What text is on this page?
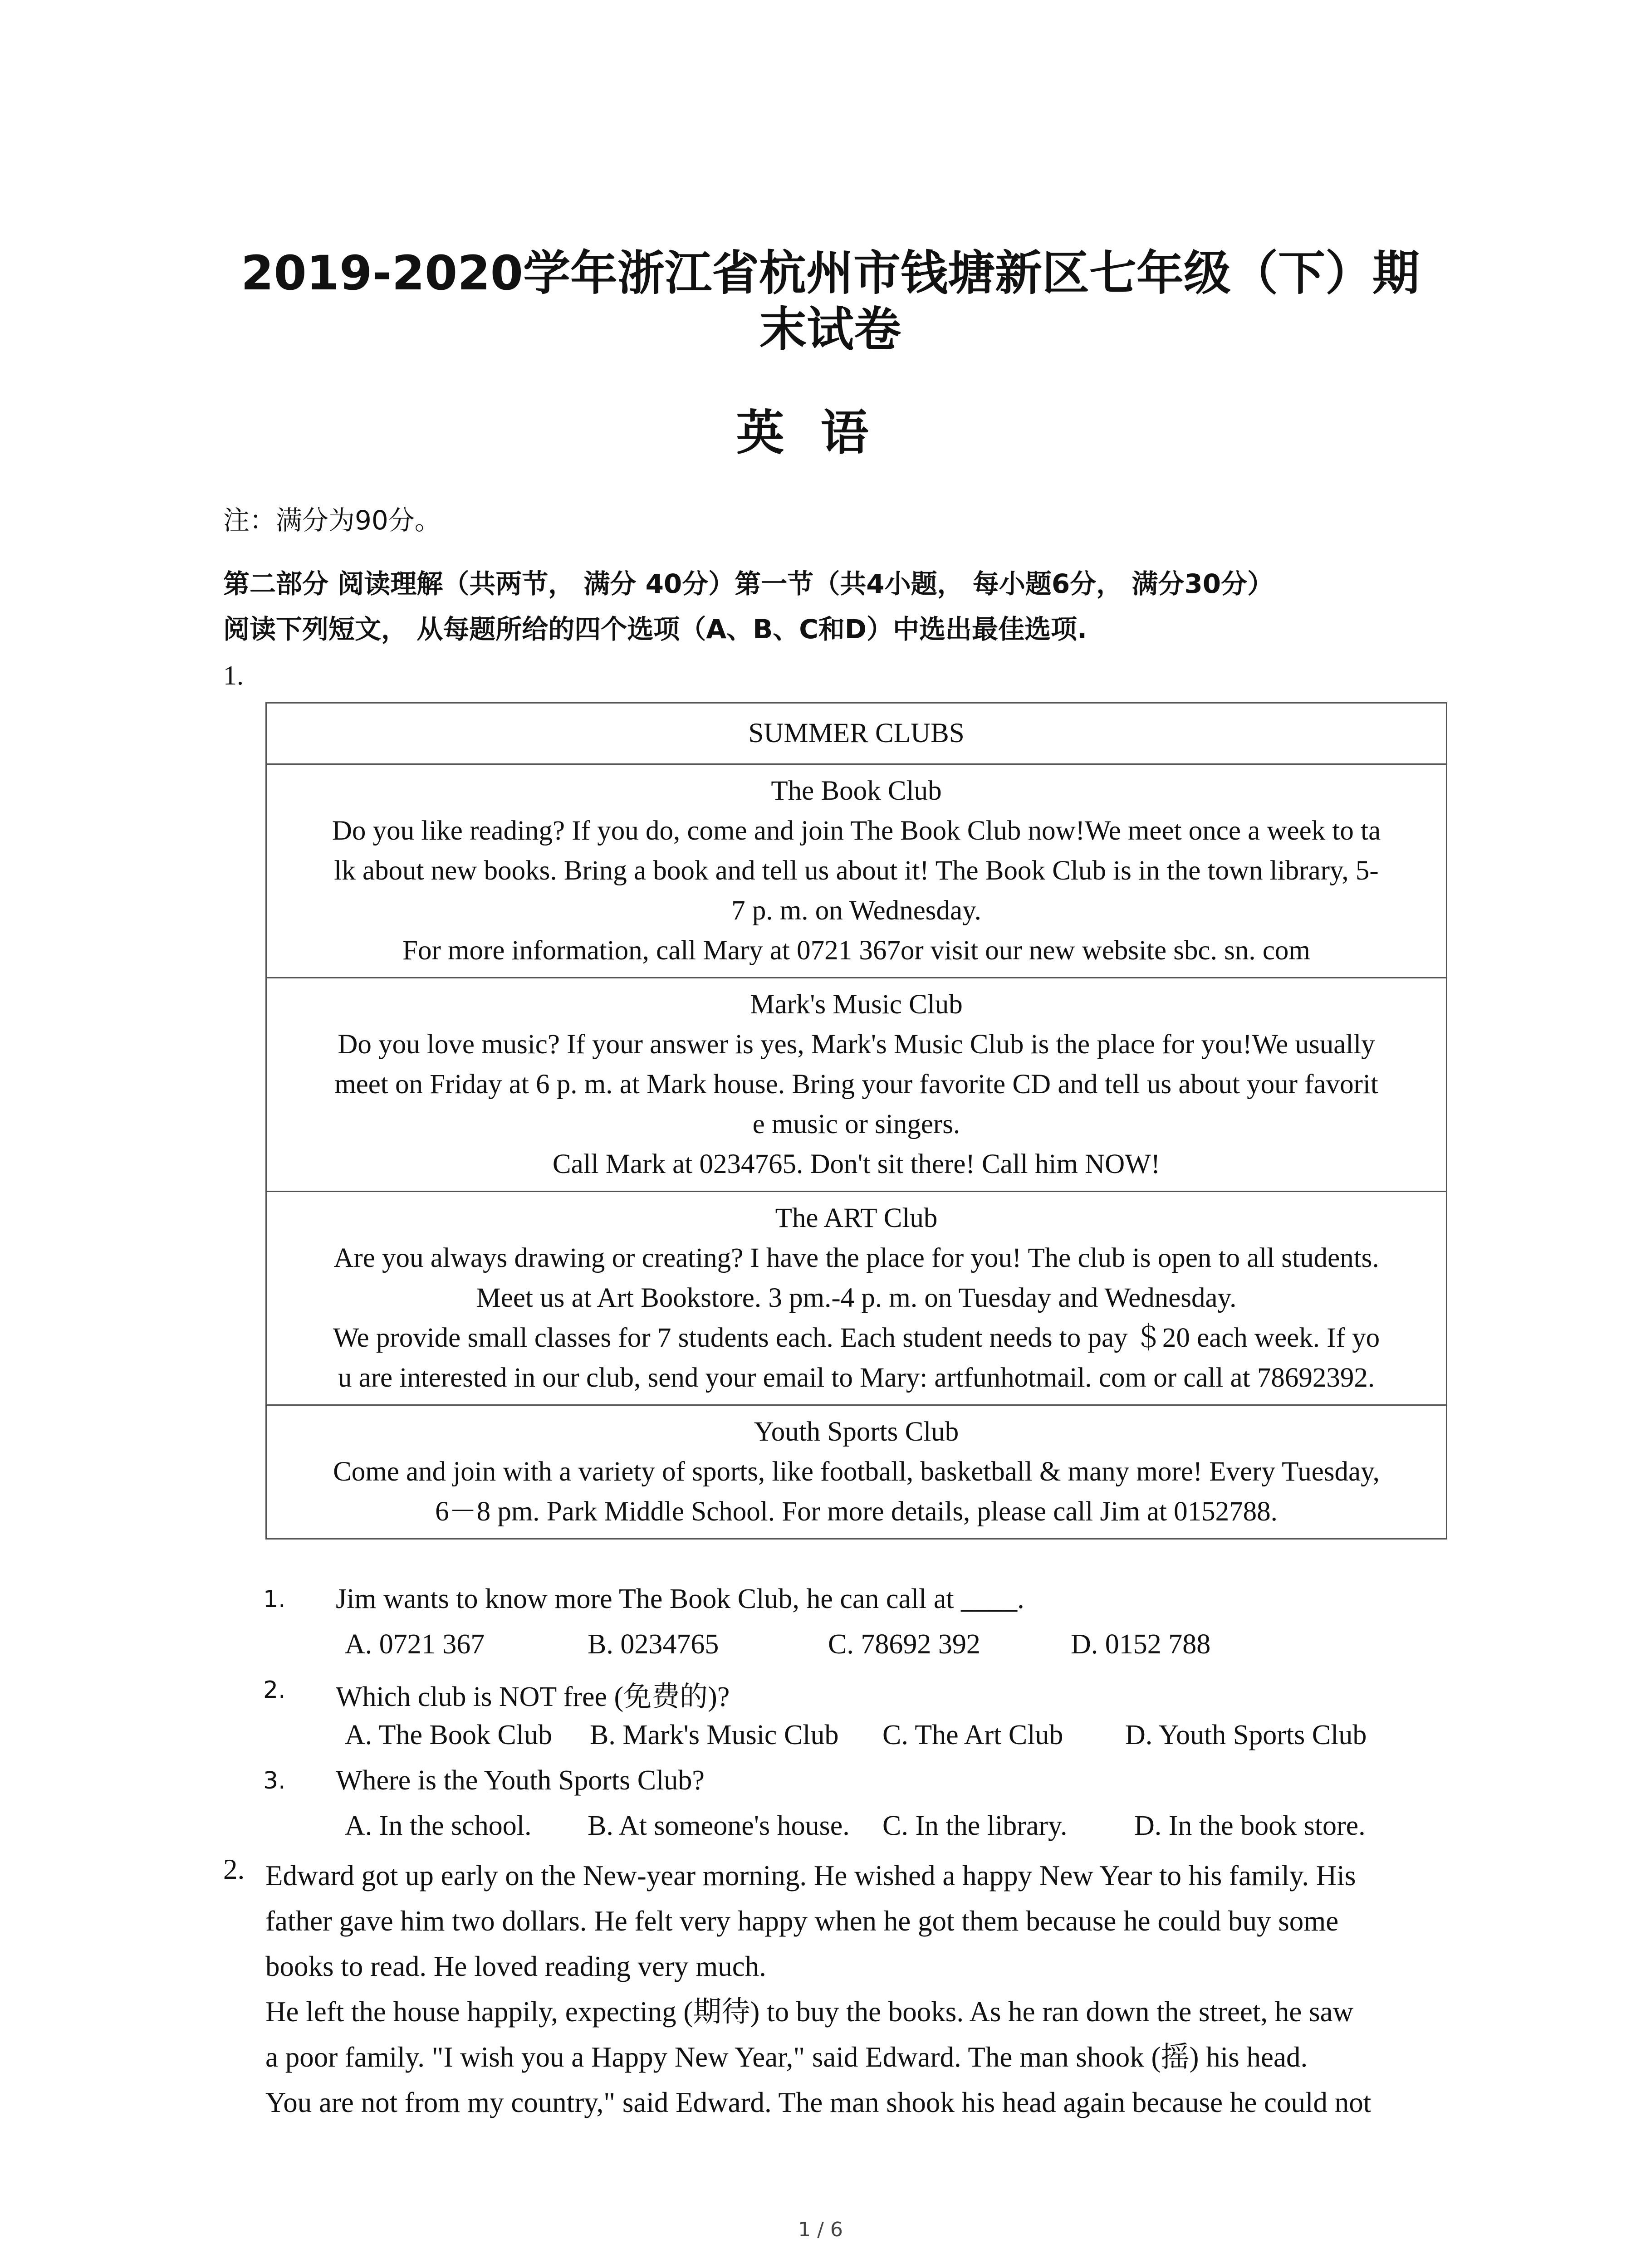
2019-2020学年浙江省杭州市钱塘新区七年级（下）期
末试卷
英语
注：满分为90分。
第二部分 阅读理解（共两节， 满分 40分）第一节（共4小题， 每小题6分， 满分30分）
阅读下列短文， 从每题所给的四个选项（A、B、C和D）中选出最佳选项.
1.
SUMMER CLUBS

The Book Club
Do you like reading? If you do, come and join The Book Club now!We meet once a week to ta
lk about new books. Bring a book and tell us about it! The Book Club is in the town library, 5-
7 p. m. on Wednesday.
For more information, call Mary at 0721 367or visit our new website sbc. sn. com

Mark's Music Club
Do you love music? If your answer is yes, Mark's Music Club is the place for you!We usually
meet on Friday at 6 p. m. at Mark house. Bring your favorite CD and tell us about your favorit
e music or singers.
Call Mark at 0234765. Don't sit there! Call him NOW!

The ART Club
Are you always drawing or creating? I have the place for you! The club is open to all students.
Meet us at Art Bookstore. 3 pm.-4 p. m. on Tuesday and Wednesday.
We provide small classes for 7 students each. Each student needs to pay ＄20 each week. If yo
u are interested in our club, send your email to Mary: artfunhotmail. com or call at 78692392.

Youth Sports Club
Come and join with a variety of sports, like football, basketball & many more! Every Tuesday,
6－8 pm. Park Middle School. For more details, please call Jim at 0152788.
1. Jim wants to know more The Book Club, he can call at ____.
A. 0721 367	B. 0234765	C. 78692 392	D. 0152 788
2. Which club is NOT free (免费的)?
A. The Book Club B. Mark's Music Club C. The Art Club D. Youth Sports Club
3. Where is the Youth Sports Club?
A. In the school. B. At someone's house. C. In the library. D. In the book store.
2. Edward got up early on the New-year morning. He wished a happy New Year to his family. His

father gave him two dollars. He felt very happy when he got them because he could buy some

books to read. He loved reading very much.

He left the house happily, expecting (期待) to buy the books. As he ran down the street, he saw

a poor family. "I wish you a Happy New Year," said Edward. The man shook (摇) his head.

You are not from my country," said Edward. The man shook his head again because he could not

1 / 6
